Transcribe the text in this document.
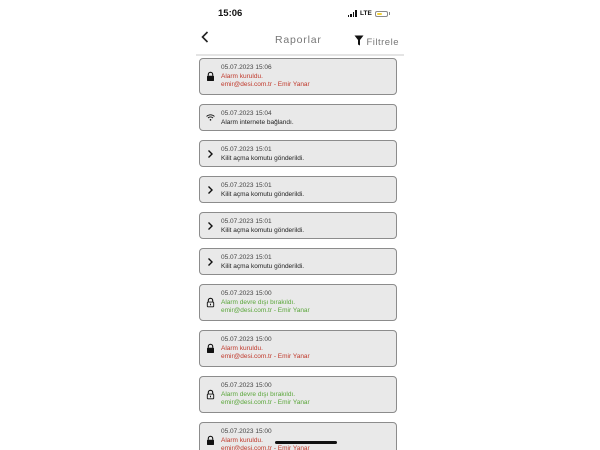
15:06	LTE
Raporlar	Filtrele
05.07.2023 15:06
Alarm kuruldu.
emir@desi.com.tr - Emir Yanar
05.07.2023 15:04
Alarm internete bağlandı.
05.07.2023 15:01
Kilit açma komutu gönderildi.
05.07.2023 15:01
Kilit açma komutu gönderildi.
05.07.2023 15:01
Kilit açma komutu gönderildi.
05.07.2023 15:01
Kilit açma komutu gönderildi.
05.07.2023 15:00
Alarm devre dışı bırakıldı.
emir@desi.com.tr - Emir Yanar
05.07.2023 15:00
Alarm kuruldu.
emir@desi.com.tr - Emir Yanar
05.07.2023 15:00
Alarm devre dışı bırakıldı.
emir@desi.com.tr - Emir Yanar
05.07.2023 15:00
Alarm kuruldu.
emir@desi.com.tr - Emir Yanar
